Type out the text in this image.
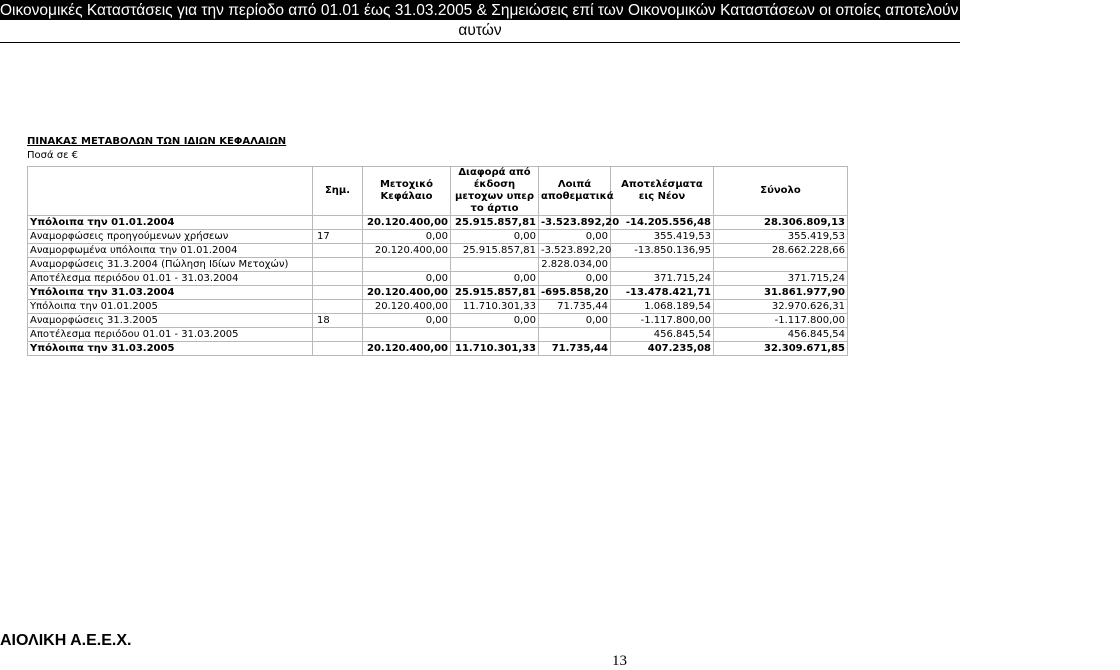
Οικονομικές Καταστάσεις για την περίοδο από 01.01 έως 31.03.2005 & Σημειώσεις επί των Οικονομικών Καταστάσεων οι οποίες αποτελούν αναπόσπαστο στοιχείο
αυτών
ΠΙΝΑΚΑΣ ΜΕΤΑΒΟΛΩΝ ΤΩΝ ΙΔΙΩΝ ΚΕΦΑΛΑΙΩΝ
Ποσά σε €
	Σημ.	Μετοχικό Κεφάλαιο	Διαφορά από έκδοση μετοχων υπερ το άρτιο	Λοιπά αποθεματικά	Αποτελέσματα εις Νέον	Σύνολο
Υπόλοιπα την 01.01.2004		20.120.400,00	25.915.857,81	-3.523.892,20	-14.205.556,48	28.306.809,13
Αναμορφώσεις προηγούμενων χρήσεων	17	0,00	0,00	0,00	355.419,53	355.419,53
Αναμορφωμένα υπόλοιπα την 01.01.2004		20.120.400,00	25.915.857,81	-3.523.892,20	-13.850.136,95	28.662.228,66
Αναμορφώσεις 31.3.2004 (Πώληση Ιδίων Μετοχών)				2.828.034,00		
Αποτέλεσμα περιόδου 01.01 - 31.03.2004		0,00	0,00	0,00	371.715,24	371.715,24
Υπόλοιπα την 31.03.2004		20.120.400,00	25.915.857,81	-695.858,20	-13.478.421,71	31.861.977,90
Υπόλοιπα την 01.01.2005		20.120.400,00	11.710.301,33	71.735,44	1.068.189,54	32.970.626,31
Αναμορφώσεις 31.3.2005	18	0,00	0,00	0,00	-1.117.800,00	-1.117.800,00
Αποτέλεσμα περιόδου 01.01 - 31.03.2005					456.845,54	456.845,54
Υπόλοιπα την 31.03.2005		20.120.400,00	11.710.301,33	71.735,44	407.235,08	32.309.671,85
ΑΙΟΛΙΚΗ Α.Ε.Ε.Χ.
13
